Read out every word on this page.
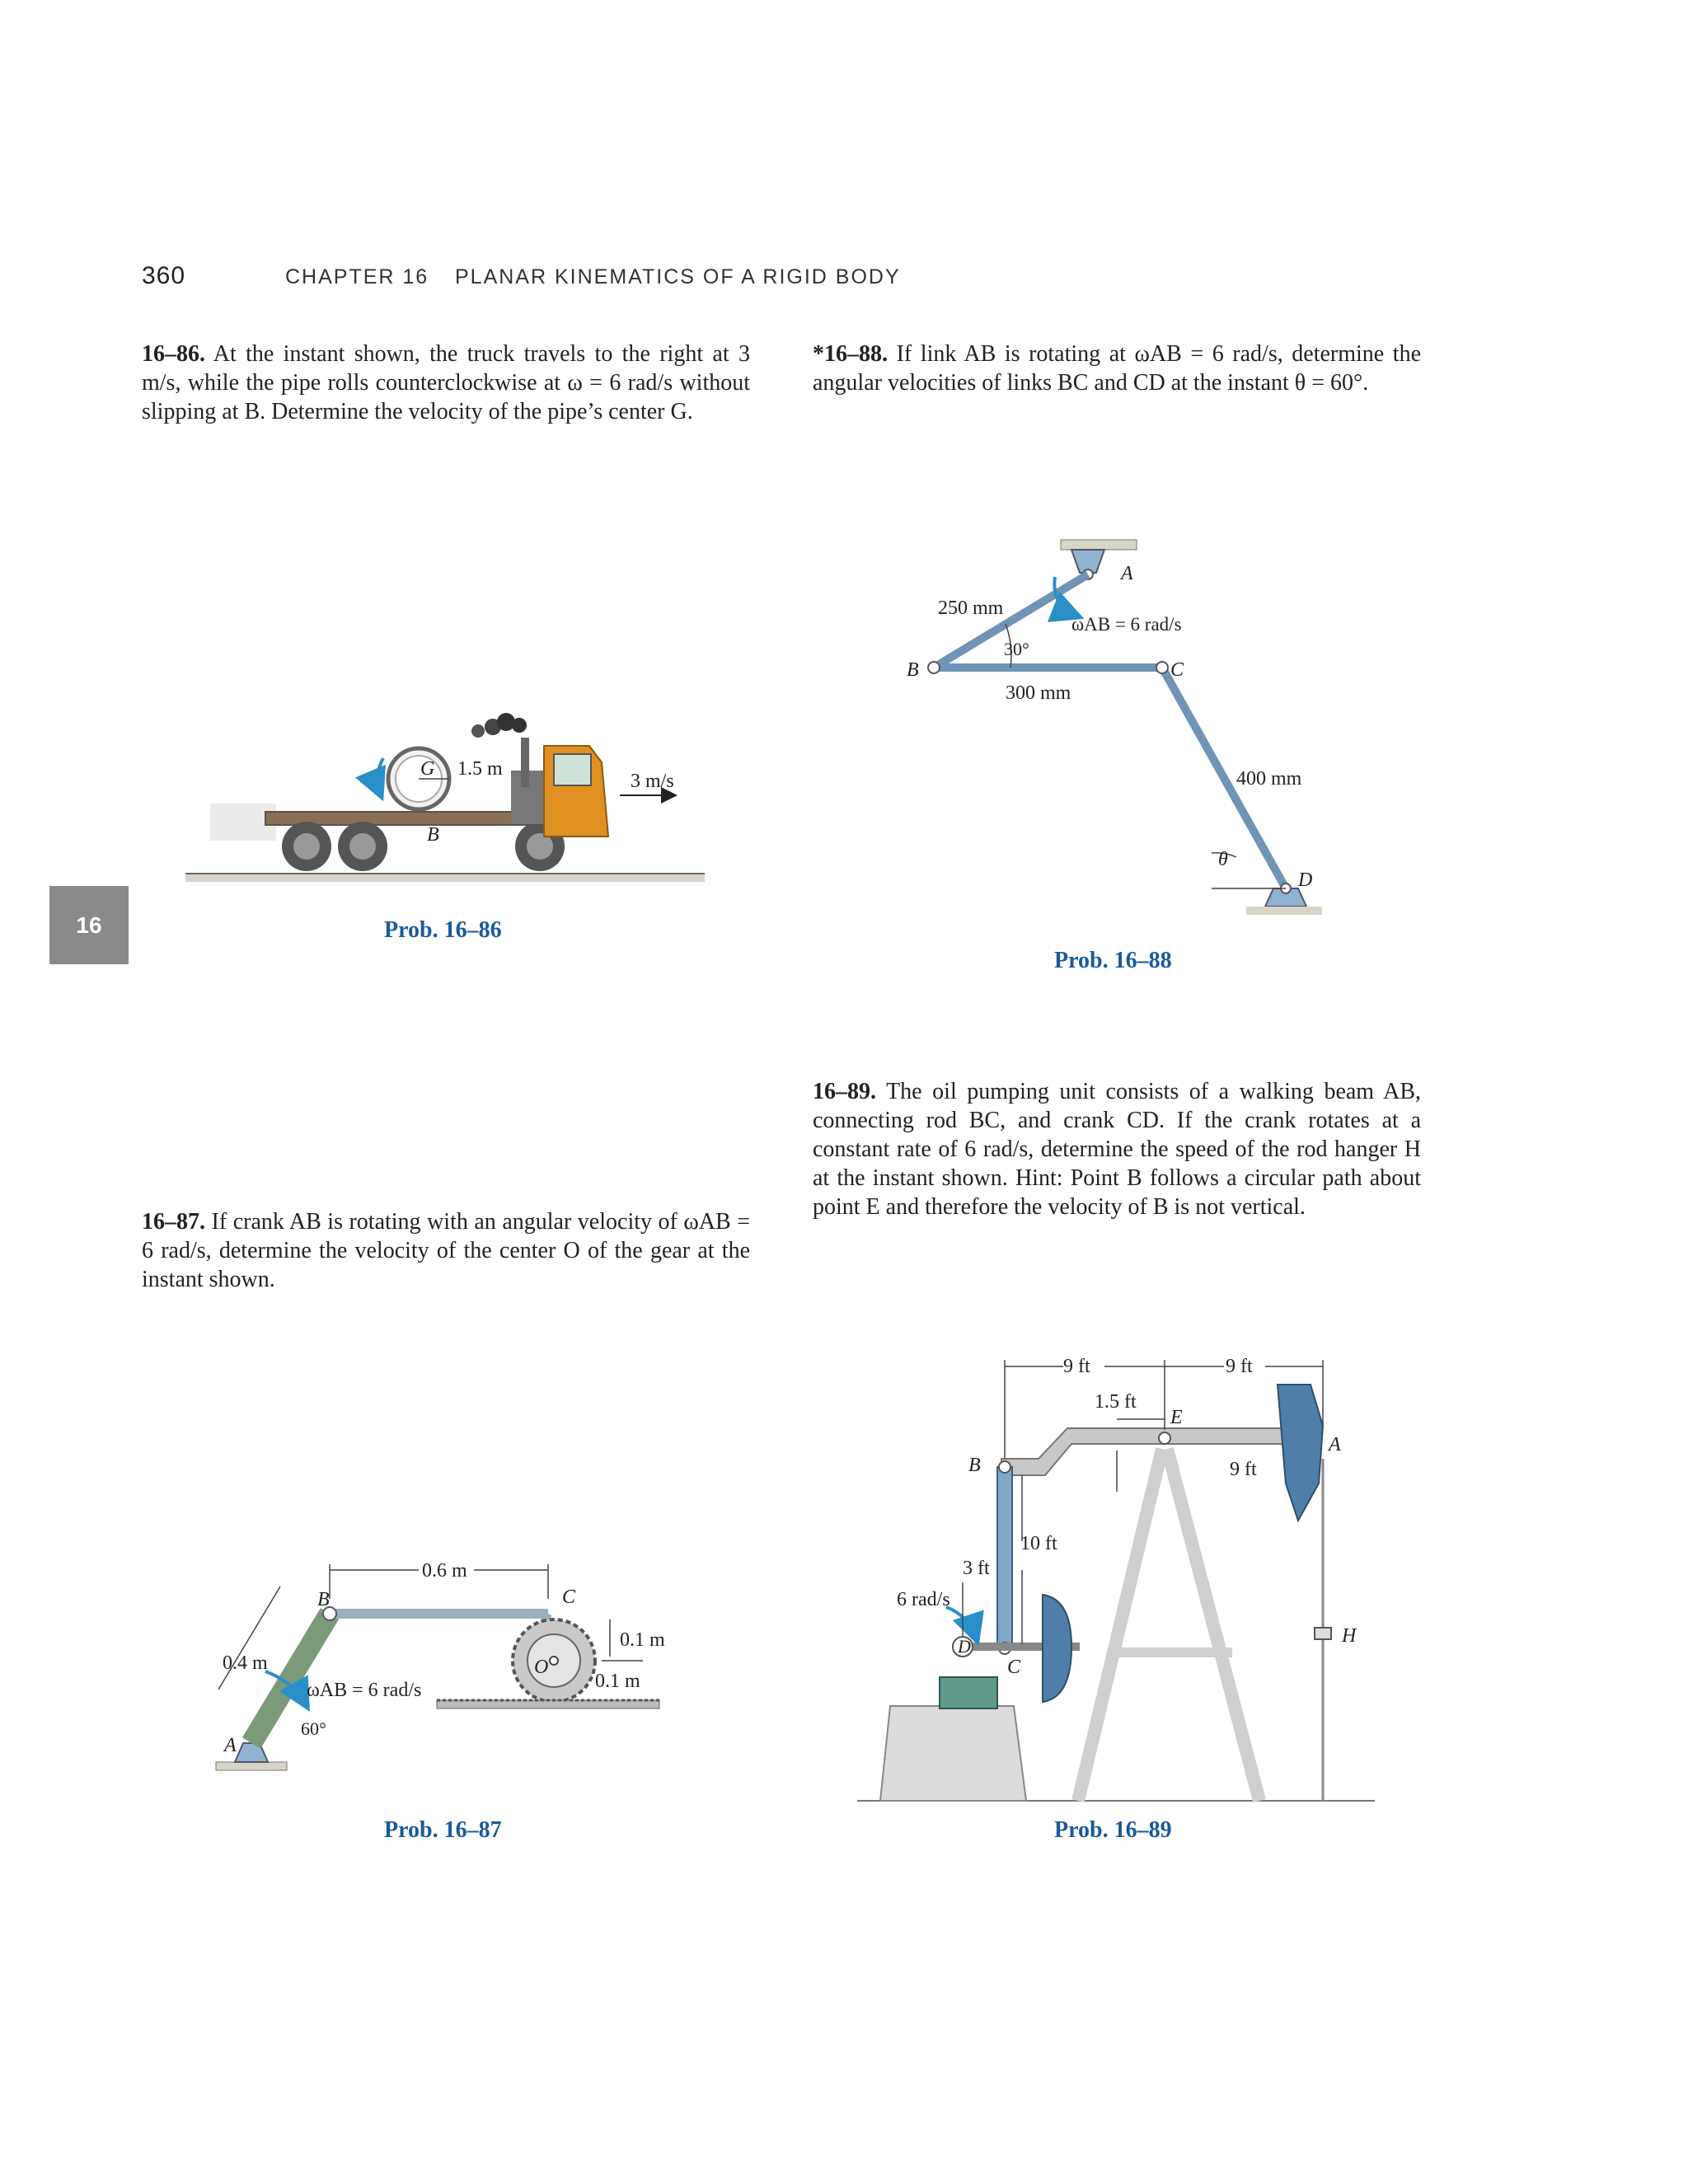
360	CHAPTER 16 PLANAR KINEMATICS OF A RIGID BODY
16
16–86. At the instant shown, the truck travels to the right at 3 m/s, while the pipe rolls counterclockwise at ω = 6 rad/s without slipping at B. Determine the velocity of the pipe’s center G.
*16–88. If link AB is rotating at ωAB = 6 rad/s, determine the angular velocities of links BC and CD at the instant θ = 60°.
16–89. The oil pumping unit consists of a walking beam AB, connecting rod BC, and crank CD. If the crank rotates at a constant rate of 6 rad/s, determine the speed of the rod hanger H at the instant shown. Hint: Point B follows a circular path about point E and therefore the velocity of B is not vertical.
16–87. If crank AB is rotating with an angular velocity of ωAB = 6 rad/s, determine the velocity of the center O of the gear at the instant shown.
Prob. 16–86
Prob. 16–88
Prob. 16–87	Prob. 16–89
G 1.5 m
B
3 m/s
A
B	C
D
250 mm
300 mm
400 mm
ωAB = 6 rad/s
30°
θ
0.6 m
0.4 m
0.1 m
0.1 m
ωAB = 6 rad/s
60°
A
B	C
O
9 ft	9 ft
1.5 ft
9 ft
10 ft
3 ft
6 rad/s
A
B
C
D
E
H
